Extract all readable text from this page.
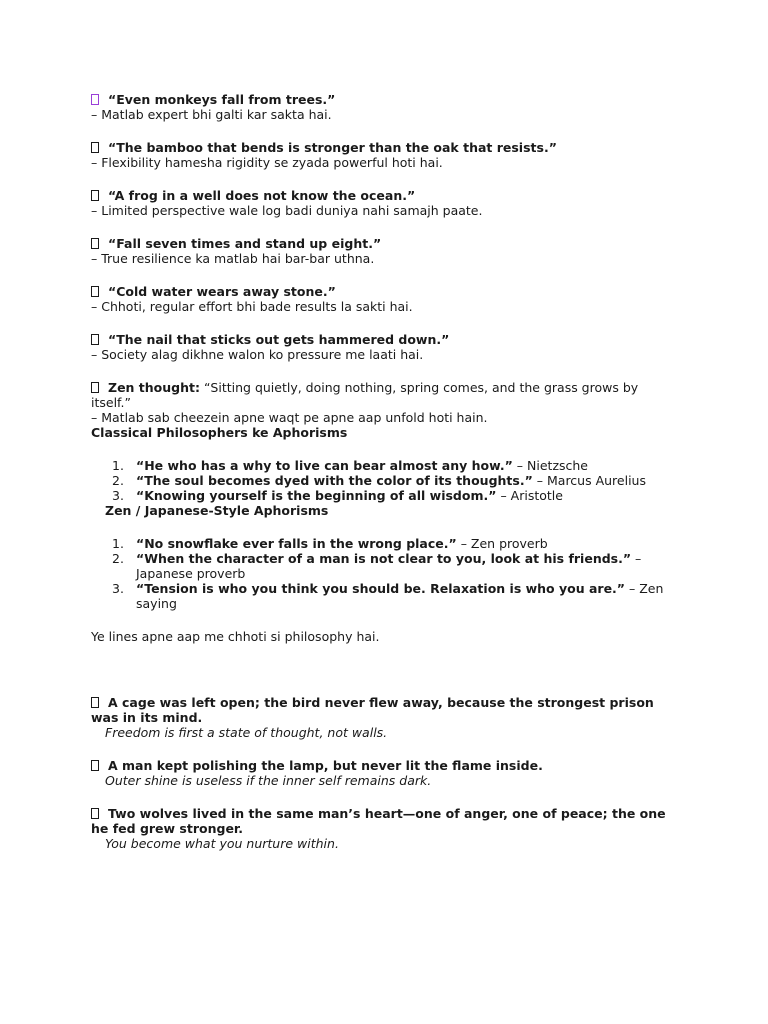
“Even monkeys fall from trees.”
– Matlab expert bhi galti kar sakta hai.

“The bamboo that bends is stronger than the oak that resists.”
– Flexibility hamesha rigidity se zyada powerful hoti hai.

“A frog in a well does not know the ocean.”
– Limited perspective wale log badi duniya nahi samajh paate.

“Fall seven times and stand up eight.”
– True resilience ka matlab hai bar-bar uthna.

“Cold water wears away stone.”
– Chhoti, regular effort bhi bade results la sakti hai.

“The nail that sticks out gets hammered down.”
– Society alag dikhne walon ko pressure me laati hai.

Zen thought: “Sitting quietly, doing nothing, spring comes, and the grass grows by itself.”
– Matlab sab cheezein apne waqt pe apne aap unfold hoti hain.

Classical Philosophers ke Aphorisms

1. “He who has a why to live can bear almost any how.” – Nietzsche
2. “The soul becomes dyed with the color of its thoughts.” – Marcus Aurelius
3. “Knowing yourself is the beginning of all wisdom.” – Aristotle

Zen / Japanese-Style Aphorisms

1. “No snowflake ever falls in the wrong place.” – Zen proverb
2. “When the character of a man is not clear to you, look at his friends.” – Japanese proverb
3. “Tension is who you think you should be. Relaxation is who you are.” – Zen saying

Ye lines apne aap me chhoti si philosophy hai.

A cage was left open; the bird never flew away, because the strongest prison was in its mind.
Freedom is first a state of thought, not walls.

A man kept polishing the lamp, but never lit the flame inside.
Outer shine is useless if the inner self remains dark.

Two wolves lived in the same man’s heart—one of anger, one of peace; the one he fed grew stronger.
You become what you nurture within.
